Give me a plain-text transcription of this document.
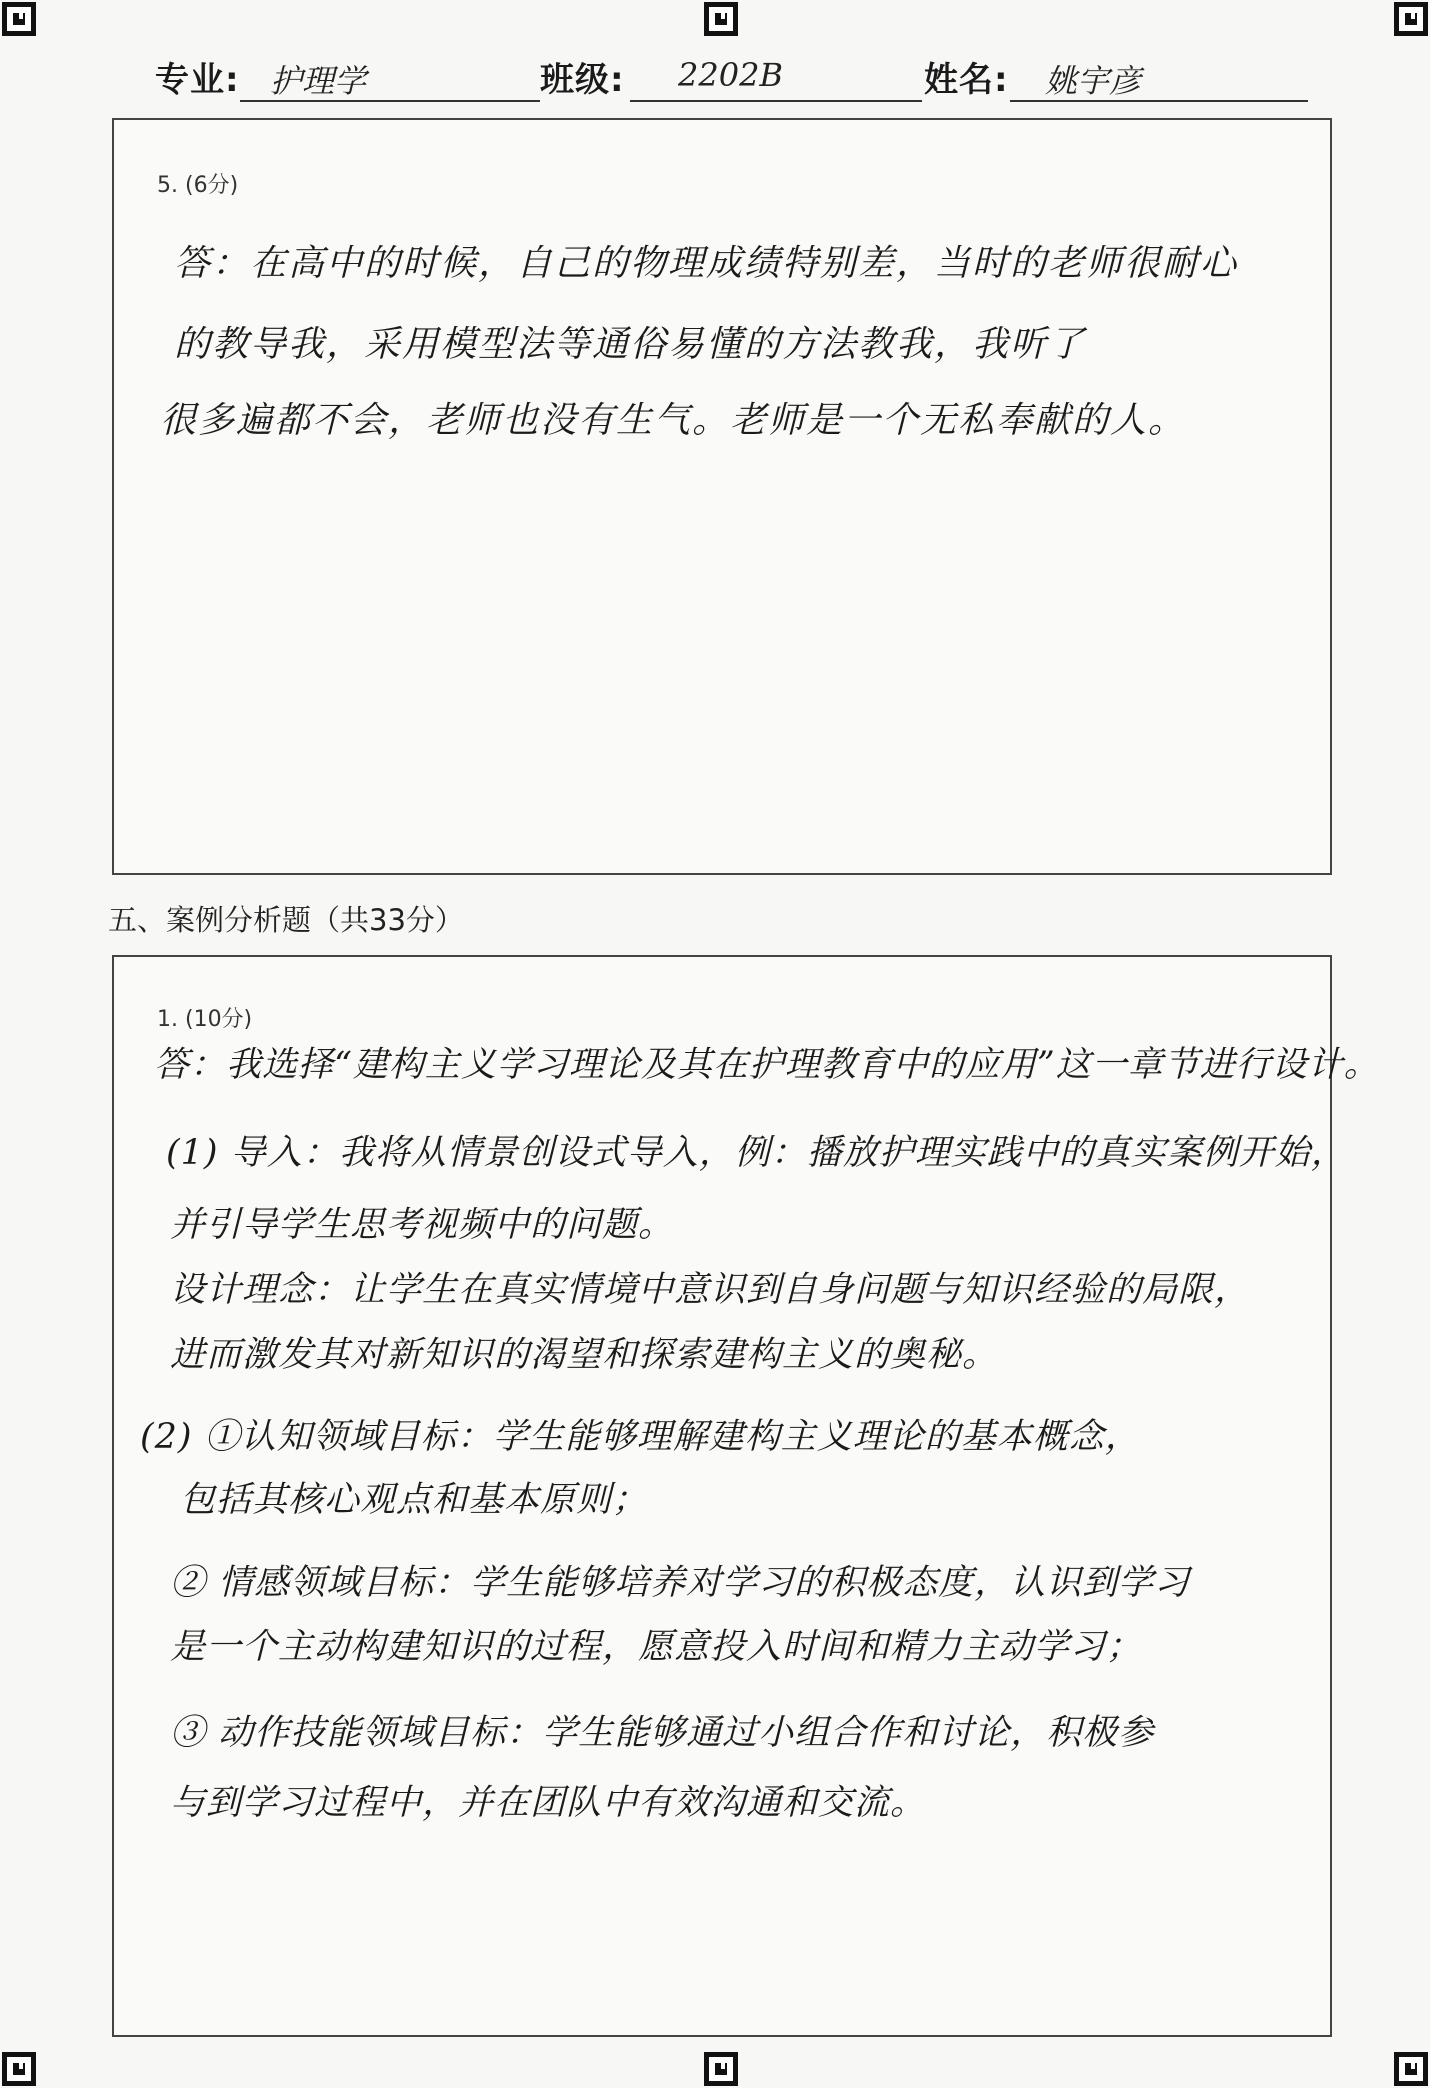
专业: 护理学	班级: 2202B	姓名: 姚宇彦
5. (6分)
答：在高中的时候，自己的物理成绩特别差，当时的老师很耐心
的教导我，采用模型法等通俗易懂的方法教我，我听了
很多遍都不会，老师也没有生气。老师是一个无私奉献的人。
五、案例分析题（共33分）
1. (10分)
答：我选择“建构主义学习理论及其在护理教育中的应用”这一章节进行设计。
(1) 导入：我将从情景创设式导入，例：播放护理实践中的真实案例开始，
并引导学生思考视频中的问题。
设计理念：让学生在真实情境中意识到自身问题与知识经验的局限，
进而激发其对新知识的渴望和探索建构主义的奥秘。
(2) ①认知领域目标：学生能够理解建构主义理论的基本概念，
包括其核心观点和基本原则；
② 情感领域目标：学生能够培养对学习的积极态度，认识到学习
是一个主动构建知识的过程，愿意投入时间和精力主动学习；
③ 动作技能领域目标：学生能够通过小组合作和讨论，积极参
与到学习过程中，并在团队中有效沟通和交流。
